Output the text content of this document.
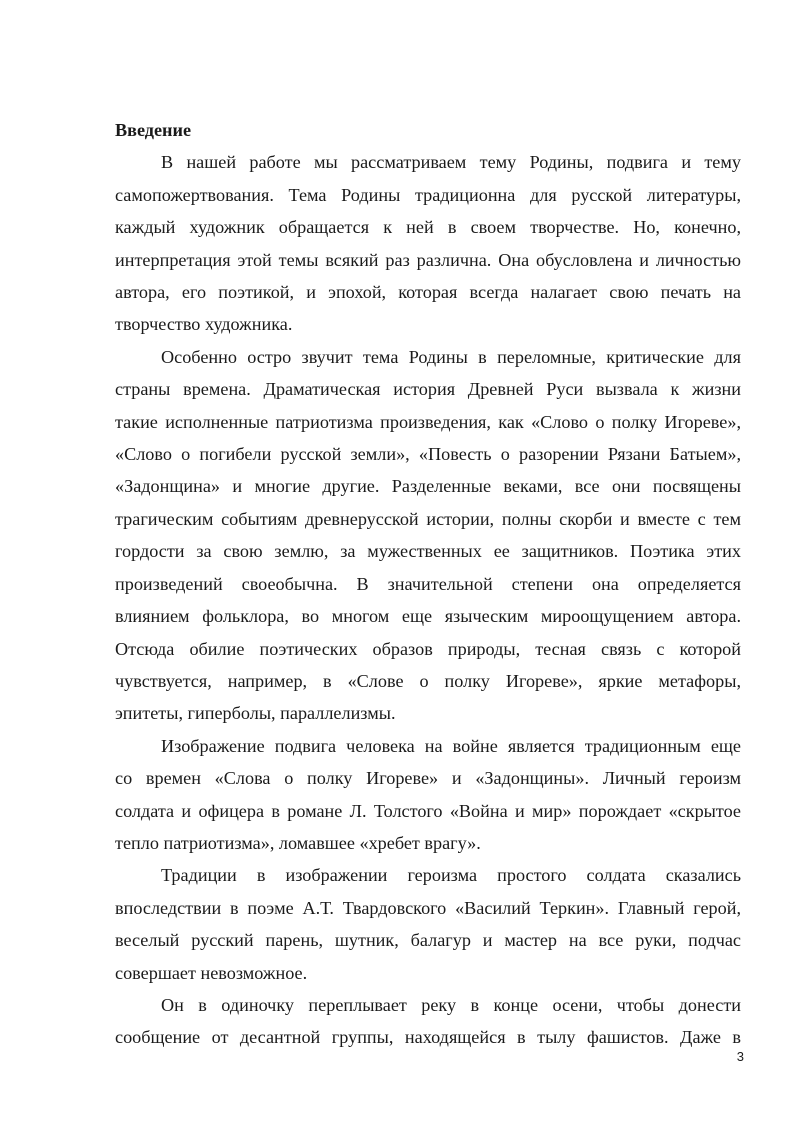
Введение
В нашей работе мы рассматриваем тему Родины, подвига и тему
самопожертвования. Тема Родины традиционна для русской литературы,
каждый художник обращается к ней в своем творчестве. Но, конечно,
интерпретация этой темы всякий раз различна. Она обусловлена и личностью
автора, его поэтикой, и эпохой, которая всегда налагает свою печать на
творчество художника.
Особенно остро звучит тема Родины в переломные, критические для
страны времена. Драматическая история Древней Руси вызвала к жизни
такие исполненные патриотизма произведения, как «Слово о полку Игореве»,
«Слово о погибели русской земли», «Повесть о разорении Рязани Батыем»,
«Задонщина» и многие другие. Разделенные веками, все они посвящены
трагическим событиям древнерусской истории, полны скорби и вместе с тем
гордости за свою землю, за мужественных ее защитников. Поэтика этих
произведений своеобычна. В значительной степени она определяется
влиянием фольклора, во многом еще языческим мироощущением автора.
Отсюда обилие поэтических образов природы, тесная связь с которой
чувствуется, например, в «Слове о полку Игореве», яркие метафоры,
эпитеты, гиперболы, параллелизмы.
Изображение подвига человека на войне является традиционным еще
со времен «Слова о полку Игореве» и «Задонщины». Личный героизм
солдата и офицера в романе Л. Толстого «Война и мир» порождает «скрытое
тепло патриотизма», ломавшее «хребет врагу».
Традиции в изображении героизма простого солдата сказались
впоследствии в поэме А.Т. Твардовского «Василий Теркин». Главный герой,
веселый русский парень, шутник, балагур и мастер на все руки, подчас
совершает невозможное.
Он в одиночку переплывает реку в конце осени, чтобы донести
сообщение от десантной группы, находящейся в тылу фашистов. Даже в
3
